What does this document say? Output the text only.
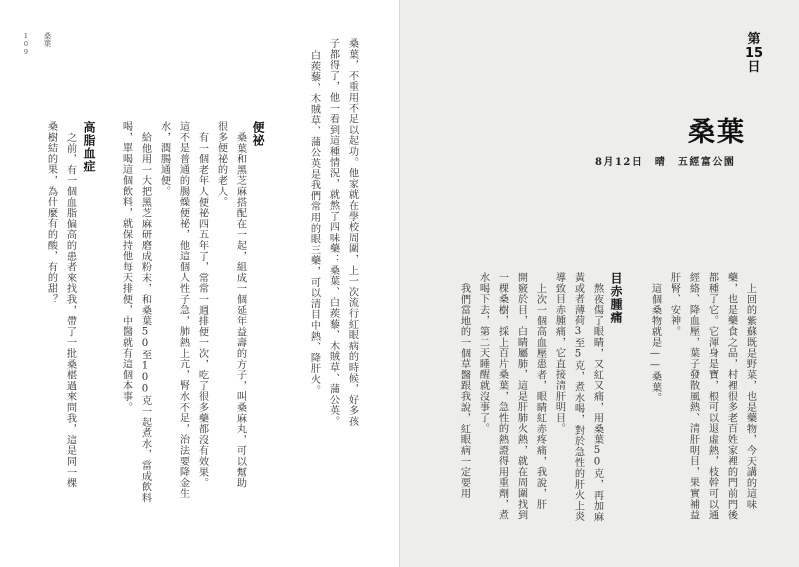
109
桑葉	桑葉，不重用不足以起功。他家就在學校周圍，上一次流行紅眼病的時候，好多孩
子都得了，他一看到這種情況，就熬了四味藥：桑葉、白蒺藜、木賊草、蒲公英。
白蒺藜、木賊草、蒲公英是我們常用的眼三藥，可以清目中熱、降肝火。
便祕
桑葉和黑芝麻搭配在一起，組成一個延年益壽的方子，叫桑麻丸，可以幫助
很多便祕的老人。
有一個老年人便祕四五年了，常常一週排便一次，吃了很多藥都沒有效果。
這不是普通的腸燥便祕，他這個人性子急，肺熱上亢，腎水不足，治法要降金生
水，潤腸通便。
給他用一大把黑芝麻研磨成粉末，和桑葉50至100克一起煮水，當成飲料
喝，單喝這個飲料，就保持他每天排便，中醫就有這個本事。
高脂血症
之前，有一個血脂偏高的患者來找我，帶了一批桑椹過來問我，這是同一棵
桑樹結的果，為什麼有的酸，有的甜？
第
15
日
桑葉
8月12日　晴　五經富公園
上回的紫蘇既是野菜，也是藥物，今天講的這味
藥，也是藥食之品，村裡很多老百姓家裡的門前門後
都種了它。它渾身是寶，根可以退虛熱，枝幹可以通
經絡、降血壓，葉子發散風熱、清肝明目，果實補益
肝腎、安神。
這個桑物就是——桑葉。
目赤腫痛
熬夜傷了眼睛，又紅又痛，用桑葉50克，再加麻
黃或者薄荷3至5克，煮水喝，對於急性的肝火上炎
導致目赤腫痛，它直接清肝明目。
上次一個高血壓患者，眼睛紅赤疼痛，我說，肝
開竅於目，白睛屬肺，這是肝肺火熱，就在周圍找到
一棵桑樹，採上百片桑葉，急性的熱證得用重劑，煮
水喝下去，第二天睡醒就沒事了。
我們當地的一個草醫跟我說，紅眼病一定要用
